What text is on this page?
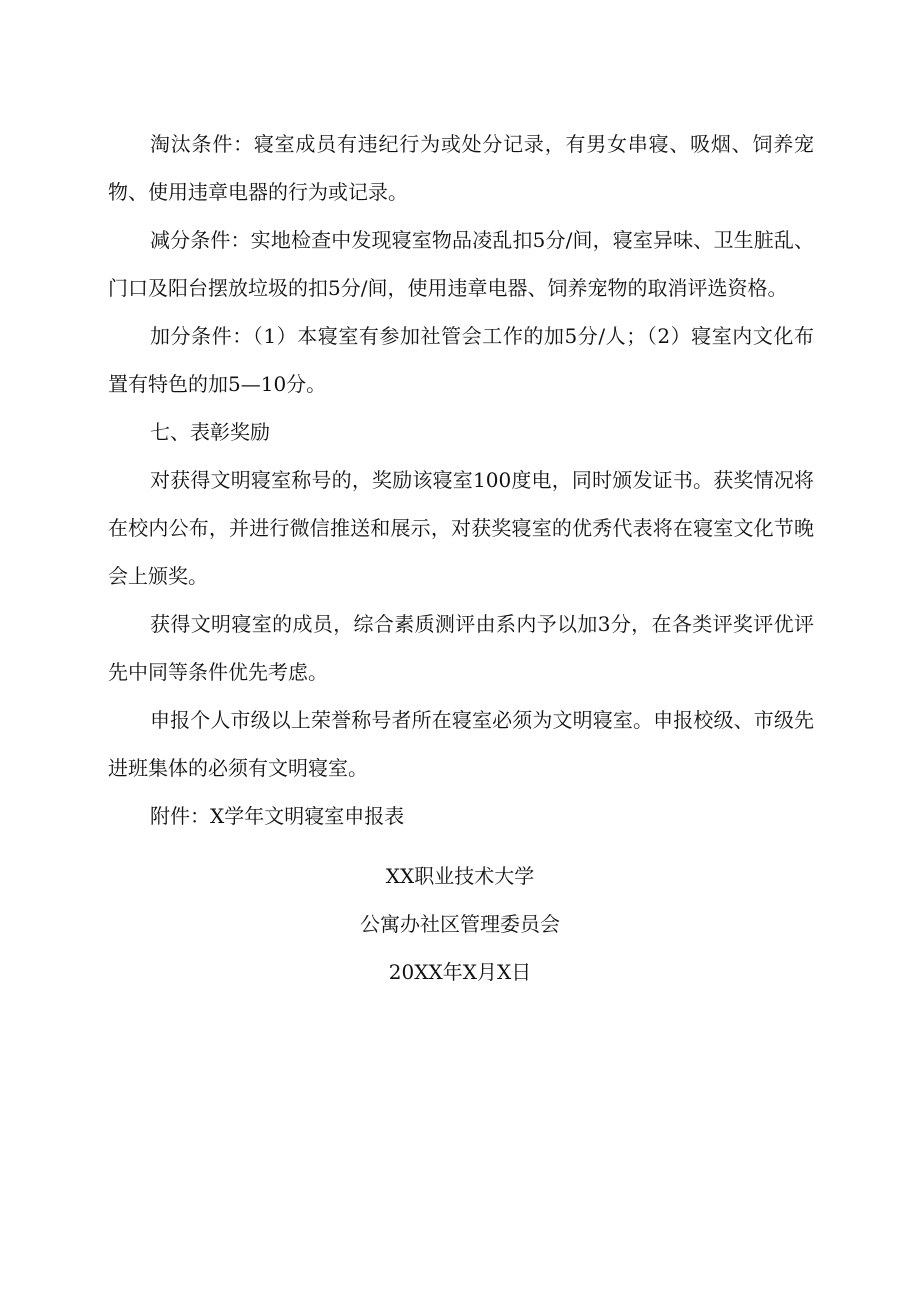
淘汰条件：寝室成员有违纪行为或处分记录，有男女串寝、吸烟、饲养宠物、使用违章电器的行为或记录。

减分条件：实地检查中发现寝室物品凌乱扣5分/间，寝室异味、卫生脏乱、门口及阳台摆放垃圾的扣5分/间，使用违章电器、饲养宠物的取消评选资格。

加分条件：（1）本寝室有参加社管会工作的加5分/人；（2）寝室内文化布置有特色的加5—10分。

七、表彰奖励

对获得文明寝室称号的，奖励该寝室100度电，同时颁发证书。获奖情况将在校内公布，并进行微信推送和展示，对获奖寝室的优秀代表将在寝室文化节晚会上颁奖。

获得文明寝室的成员，综合素质测评由系内予以加3分，在各类评奖评优评先中同等条件优先考虑。

申报个人市级以上荣誉称号者所在寝室必须为文明寝室。申报校级、市级先进班集体的必须有文明寝室。

附件：X学年文明寝室申报表

XX职业技术大学

公寓办社区管理委员会

20XX年X月X日
